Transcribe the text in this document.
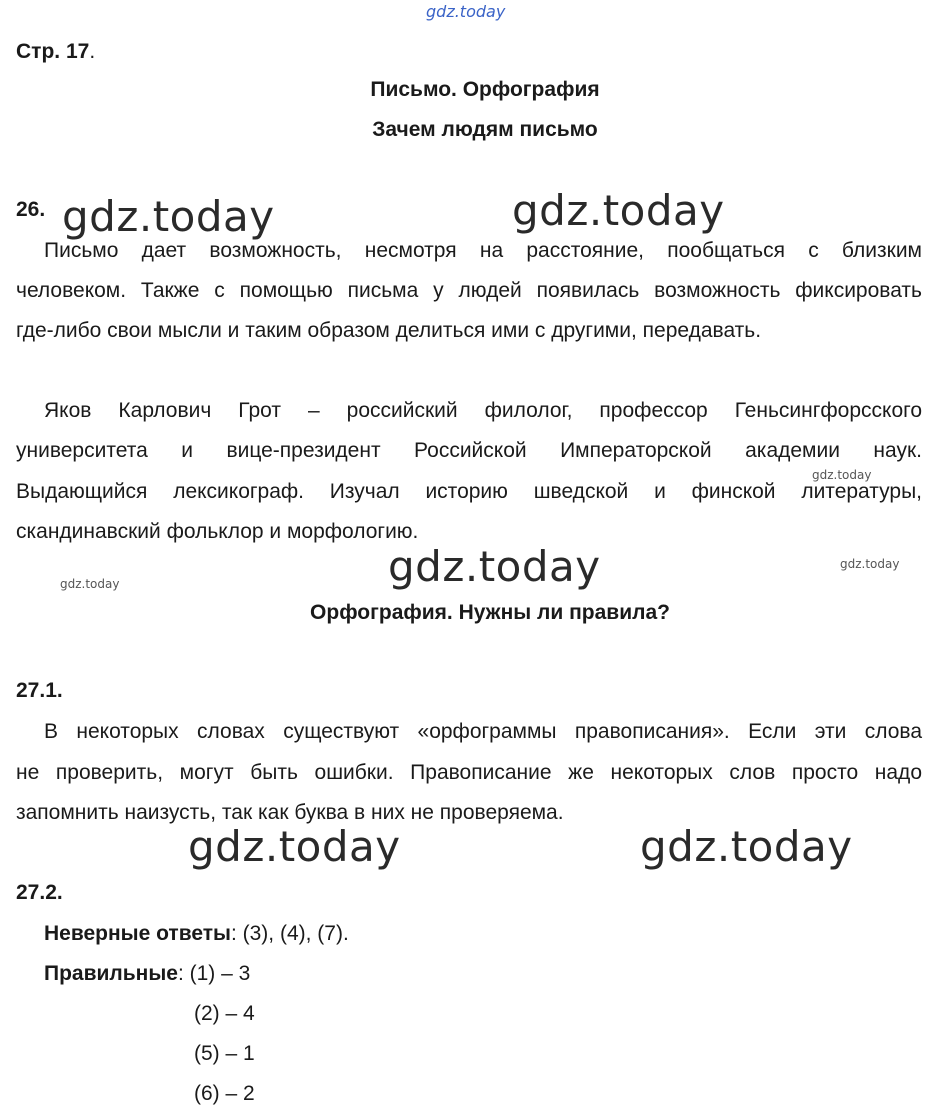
gdz.today
gdz.today	gdz.today
gdz.today
gdz.today	gdz.today
gdz.today
gdz.today	gdz.today
Стр. 17.
Письмо. Орфография
Зачем людям письмо
26.
Письмо дает возможность, несмотря на расстояние, пообщаться с близким
человеком. Также с помощью письма у людей появилась возможность фиксировать
где-либо свои мысли и таким образом делиться ими с другими, передавать.
Яков Карлович Грот – российский филолог, профессор Геньсингфорсского
университета и вице-президент Российской Императорской академии наук.
Выдающийся лексикограф. Изучал историю шведской и финской литературы,
скандинавский фольклор и морфологию.
Орфография. Нужны ли правила?
27.1.
В некоторых словах существуют «орфограммы правописания». Если эти слова
не проверить, могут быть ошибки. Правописание же некоторых слов просто надо
запомнить наизусть, так как буква в них не проверяема.
27.2.
Неверные ответы: (3), (4), (7).
Правильные: (1) – 3
(2) – 4
(5) – 1
(6) – 2
